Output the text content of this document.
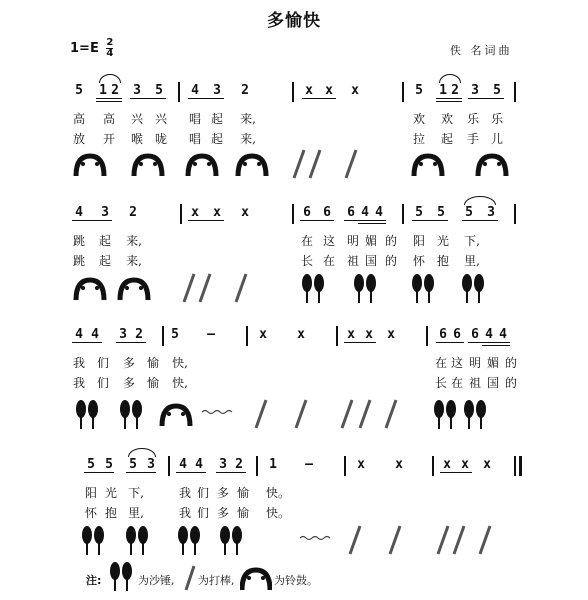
多愉快
$1=E \frac{2}{4}$	佚 名词曲
5 1 2 3 5 4 3 2	x x x	5 1 2 3 5
高 高 兴 兴 唱 起 来,	欢 欢 乐 乐
放 开 喉 咙 唱 起 来,	拉 起 手 儿
4 3 2	x x x	6 6 6 4 4 5 5 5 3
跳 起 来,	在 这 明 媚 的 阳 光 下,
跳 起 来,	长 在 祖 国 的 怀 抱 里,
4 4 3 2 5 –	x x	x x x	6 6 6 4 4
我 们 多 愉 快,	在 这 明 媚 的
我 们 多 愉 快,	长 在 祖 国 的
5 5 5 3 4 4 3 2 1 –	x x	x x x
阳 光 下,	我 们 多 愉 快。
怀 抱 里,	我 们 多 愉 快。
注:	为沙锤, 为打棒,	为铃鼓。
